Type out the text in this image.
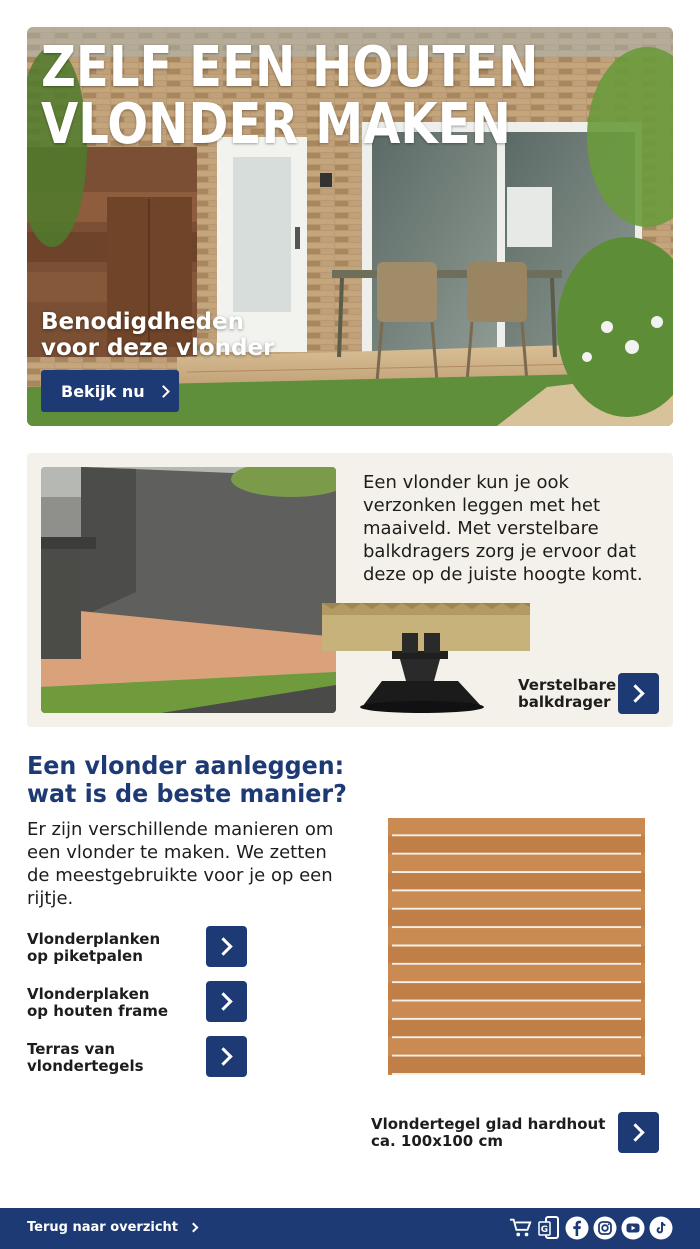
ZELF EEN HOUTEN
VLONDER MAKEN
Benodigdheden
voor deze vlonder
Bekijk nu
Een vlonder kun je ook verzonken leggen met het maaiveld. Met verstelbare balkdragers zorg je ervoor dat deze op de juiste hoogte komt.
Verstelbare
balkdrager
Een vlonder aanleggen:
wat is de beste manier?
Er zijn verschillende manieren om een vlonder te maken. We zetten de meestgebruikte voor je op een rijtje.
Vlonderplanken
op piketpalen
Vlonderplaken
op houten frame
Terras van
vlondertegels
Vlondertegel glad hardhout
ca. 100x100 cm
Terug naar overzicht	G
